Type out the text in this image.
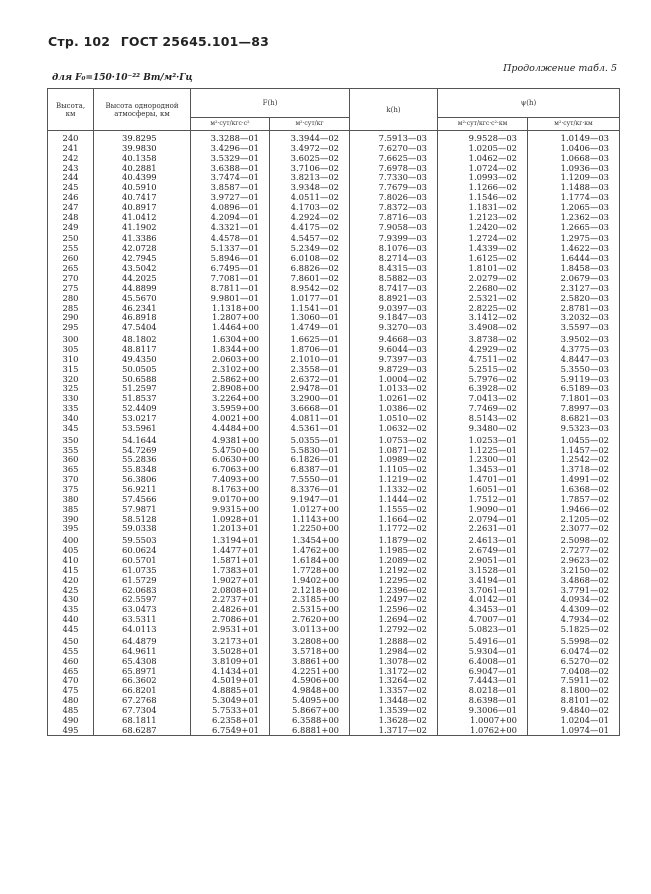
Стр. 102 ГОСТ 25645.101—83
Продолжение табл. 5
для F₀=150·10⁻²² Вт/м²·Гц
Высота, км	Высота однородной атмосферы, км	F(h)		k(h)	ψ(h)	
		м²·сут/кгс·с²	м²·сут/кг		м²·сут/кгс·с²·км	м²·сут/кг·км
240	39.8295	3.3288—01	3.3944—02	7.5913—03	9.9528—03	1.0149—03
241	39.9830	3.4296—01	3.4972—02	7.6270—03	1.0205—02	1.0406—03
242	40.1358	3.5329—01	3.6025—02	7.6625—03	1.0462—02	1.0668—03
243	40.2881	3.6388—01	3.7106—02	7.6978—03	1.0724—02	1.0936—03
244	40.4399	3.7474—01	3.8213—02	7.7330—03	1.0993—02	1.1209—03
245	40.5910	3.8587—01	3.9348—02	7.7679—03	1.1266—02	1.1488—03
246	40.7417	3.9727—01	4.0511—02	7.8026—03	1.1546—02	1.1774—03
247	40.8917	4.0896—01	4.1703—02	7.8372—03	1.1831—02	1.2065—03
248	41.0412	4.2094—01	4.2924—02	7.8716—03	1.2123—02	1.2362—03
249	41.1902	4.3321—01	4.4175—02	7.9058—03	1.2420—02	1.2665—03
250	41.3386	4.4578—01	4.5457—02	7.9399—03	1.2724—02	1.2975—03
255	42.0728	5.1337—01	5.2349—02	8.1076—03	1.4339—02	1.4622—03
260	42.7945	5.8946—01	6.0108—02	8.2714—03	1.6125—02	1.6444—03
265	43.5042	6.7495—01	6.8826—02	8.4315—03	1.8101—02	1.8458—03
270	44.2025	7.7081—01	7.8601—02	8.5882—03	2.0279—02	2.0679—03
275	44.8899	8.7811—01	8.9542—02	8.7417—03	2.2680—02	2.3127—03
280	45.5670	9.9801—01	1.0177—01	8.8921—03	2.5321—02	2.5820—03
285	46.2341	1.1318+00	1.1541—01	9.0397—03	2.8225—02	2.8781—03
290	46.8918	1.2807+00	1.3060—01	9.1847—03	3.1412—02	3.2032—03
295	47.5404	1.4464+00	1.4749—01	9.3270—03	3.4908—02	3.5597—03
300	48.1802	1.6304+00	1.6625—01	9.4668—03	3.8738—02	3.9502—03
305	48.8117	1.8344+00	1.8706—01	9.6044—03	4.2929—02	4.3775—03
310	49.4350	2.0603+00	2.1010—01	9.7397—03	4.7511—02	4.8447—03
315	50.0505	2.3102+00	2.3558—01	9.8729—03	5.2515—02	5.3550—03
320	50.6588	2.5862+00	2.6372—01	1.0004—02	5.7976—02	5.9119—03
325	51.2597	2.8908+00	2.9478—01	1.0133—02	6.3928—02	6.5189—03
330	51.8537	3.2264+00	3.2900—01	1.0261—02	7.0413—02	7.1801—03
335	52.4409	3.5959+00	3.6668—01	1.0386—02	7.7469—02	7.8997—03
340	53.0217	4.0021+00	4.0811—01	1.0510—02	8.5143—02	8.6821—03
345	53.5961	4.4484+00	4.5361—01	1.0632—02	9.3480—02	9.5323—03
350	54.1644	4.9381+00	5.0355—01	1.0753—02	1.0253—01	1.0455—02
355	54.7269	5.4750+00	5.5830—01	1.0871—02	1.1225—01	1.1457—02
360	55.2836	6.0630+00	6.1826—01	1.0989—02	1.2300—01	1.2542—02
365	55.8348	6.7063+00	6.8387—01	1.1105—02	1.3453—01	1.3718—02
370	56.3806	7.4093+00	7.5550—01	1.1219—02	1.4701—01	1.4991—02
375	56.9211	8.1763+00	8.3376—01	1.1332—02	1.6051—01	1.6368—02
380	57.4566	9.0170+00	9.1947—01	1.1444—02	1.7512—01	1.7857—02
385	57.9871	9.9315+00	1.0127+00	1.1555—02	1.9090—01	1.9466—02
390	58.5128	1.0928+01	1.1143+00	1.1664—02	2.0794—01	2.1205—02
395	59.0338	1.2013+01	1.2250+00	1.1772—02	2.2631—01	2.3077—02
400	59.5503	1.3194+01	1.3454+00	1.1879—02	2.4613—01	2.5098—02
405	60.0624	1.4477+01	1.4762+00	1.1985—02	2.6749—01	2.7277—02
410	60.5701	1.5871+01	1.6184+00	1.2089—02	2.9051—01	2.9623—02
415	61.0735	1.7383+01	1.7728+00	1.2192—02	3.1528—01	3.2150—02
420	61.5729	1.9027+01	1.9402+00	1.2295—02	3.4194—01	3.4868—02
425	62.0683	2.0808+01	2.1218+00	1.2396—02	3.7061—01	3.7791—02
430	62.5597	2.2737+01	2.3185+00	1.2497—02	4.0142—01	4.0934—02
435	63.0473	2.4826+01	2.5315+00	1.2596—02	4.3453—01	4.4309—02
440	63.5311	2.7086+01	2.7620+00	1.2694—02	4.7007—01	4.7934—02
445	64.0113	2.9531+01	3.0113+00	1.2792—02	5.0823—01	5.1825—02
450	64.4879	3.2173+01	3.2808+00	1.2888—02	5.4916—01	5.5998—02
455	64.9611	3.5028+01	3.5718+00	1.2984—02	5.9304—01	6.0474—02
460	65.4308	3.8109+01	3.8861+00	1.3078—02	6.4008—01	6.5270—02
465	65.8971	4.1434+01	4.2251+00	1.3172—02	6.9047—01	7.0408—02
470	66.3602	4.5019+01	4.5906+00	1.3264—02	7.4443—01	7.5911—02
475	66.8201	4.8885+01	4.9848+00	1.3357—02	8.0218—01	8.1800—02
480	67.2768	5.3049+01	5.4095+00	1.3448—02	8.6398—01	8.8101—02
485	67.7304	5.7533+01	5.8667+00	1.3539—02	9.3006—01	9.4840—02
490	68.1811	6.2358+01	6.3588+00	1.3628—02	1.0007+00	1.0204—01
495	68.6287	6.7549+01	6.8881+00	1.3717—02	1.0762+00	1.0974—01
